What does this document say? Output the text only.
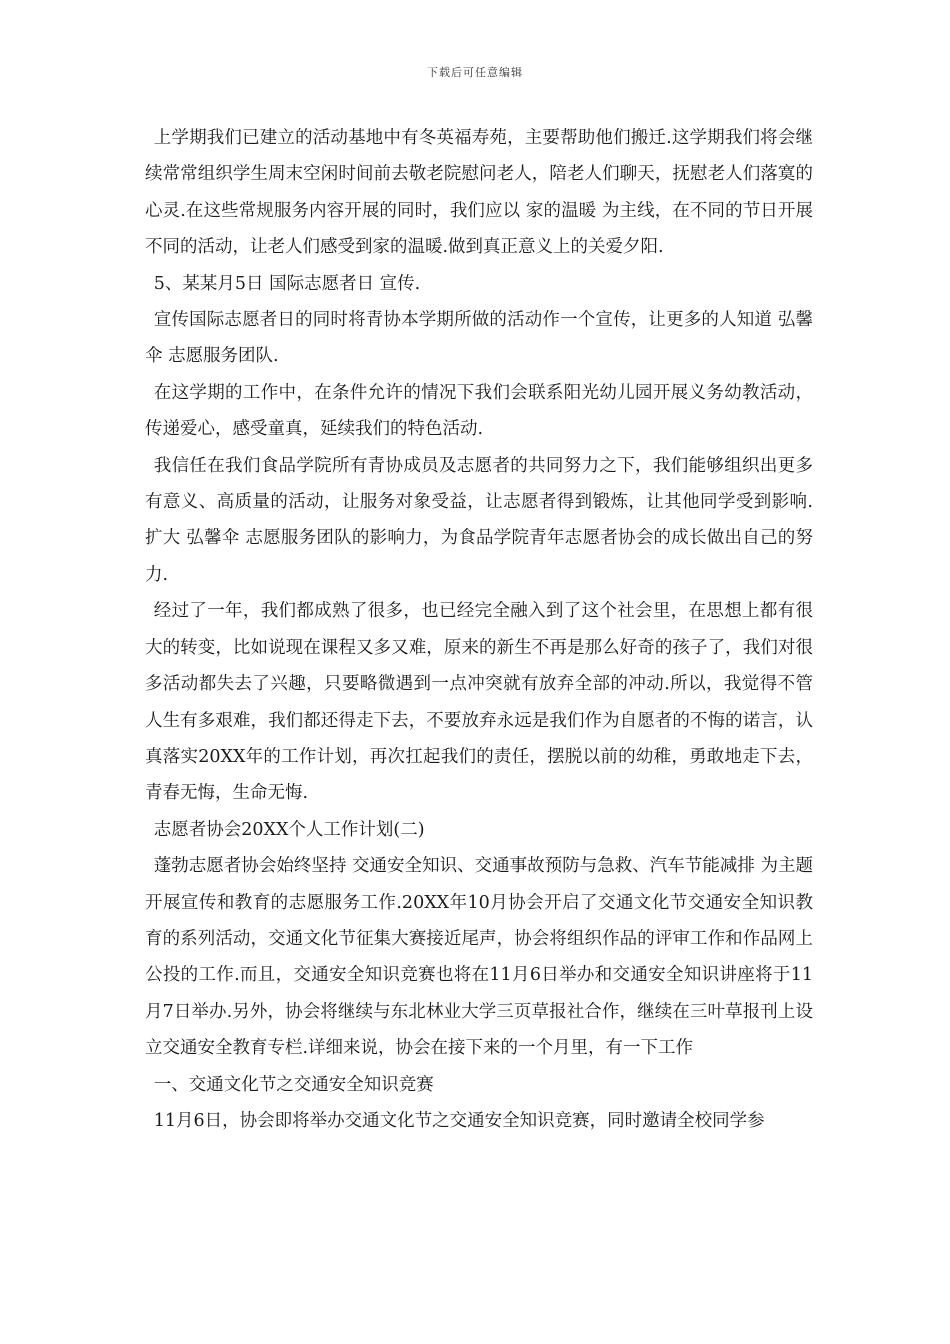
下载后可任意编辑

上学期我们已建立的活动基地中有冬英福寿苑，主要帮助他们搬迁.这学期我们将会继续常常组织学生周末空闲时间前去敬老院慰问老人，陪老人们聊天，抚慰老人们落寞的心灵.在这些常规服务内容开展的同时，我们应以 家的温暖 为主线，在不同的节日开展不同的活动，让老人们感受到家的温暖.做到真正意义上的关爱夕阳.

5、某某月5日 国际志愿者日 宣传.

宣传国际志愿者日的同时将青协本学期所做的活动作一个宣传，让更多的人知道 弘馨伞 志愿服务团队.

在这学期的工作中，在条件允许的情况下我们会联系阳光幼儿园开展义务幼教活动，传递爱心，感受童真，延续我们的特色活动.

我信任在我们食品学院所有青协成员及志愿者的共同努力之下，我们能够组织出更多有意义、高质量的活动，让服务对象受益，让志愿者得到锻炼，让其他同学受到影响.扩大 弘馨伞 志愿服务团队的影响力，为食品学院青年志愿者协会的成长做出自己的努力.

经过了一年，我们都成熟了很多，也已经完全融入到了这个社会里，在思想上都有很大的转变，比如说现在课程又多又难，原来的新生不再是那么好奇的孩子了，我们对很多活动都失去了兴趣，只要略微遇到一点冲突就有放弃全部的冲动.所以，我觉得不管人生有多艰难，我们都还得走下去，不要放弃永远是我们作为自愿者的不悔的诺言，认真落实20XX年的工作计划，再次扛起我们的责任，摆脱以前的幼稚，勇敢地走下去，青春无悔，生命无悔.

志愿者协会20XX个人工作计划(二)

蓬勃志愿者协会始终坚持 交通安全知识、交通事故预防与急救、汽车节能减排 为主题开展宣传和教育的志愿服务工作.20XX年10月协会开启了交通文化节交通安全知识教育的系列活动，交通文化节征集大赛接近尾声，协会将组织作品的评审工作和作品网上公投的工作.而且，交通安全知识竞赛也将在11月6日举办和交通安全知识讲座将于11月7日举办.另外，协会将继续与东北林业大学三页草报社合作，继续在三叶草报刊上设立交通安全教育专栏.详细来说，协会在接下来的一个月里，有一下工作

一、交通文化节之交通安全知识竞赛

11月6日，协会即将举办交通文化节之交通安全知识竞赛，同时邀请全校同学参
